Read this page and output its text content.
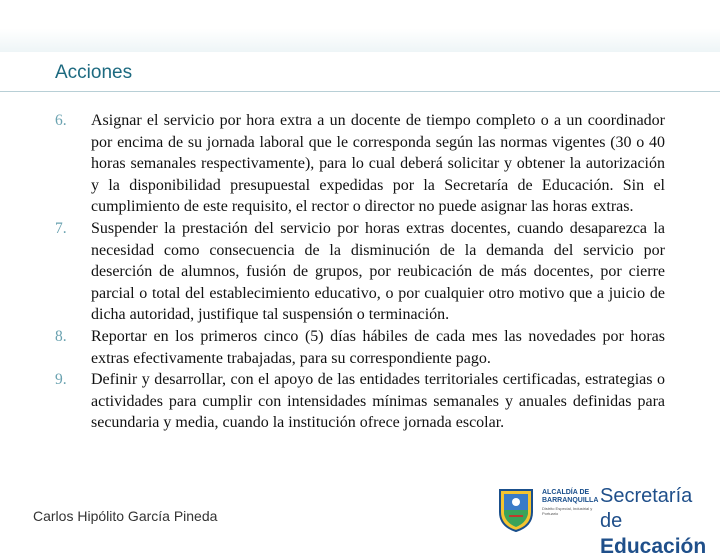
Acciones
6. Asignar el servicio por hora extra a un docente de tiempo completo o a un coordinador por encima de su jornada laboral que le corresponda según las normas vigentes (30 o 40 horas semanales respectivamente), para lo cual deberá solicitar y obtener la autorización y la disponibilidad presupuestal expedidas por la Secretaría de Educación. Sin el cumplimiento de este requisito, el rector o director no puede asignar las horas extras.
7. Suspender la prestación del servicio por horas extras docentes, cuando desaparezca la necesidad como consecuencia de la disminución de la demanda del servicio por deserción de alumnos, fusión de grupos, por reubicación de más docentes, por cierre parcial o total del establecimiento educativo, o por cualquier otro motivo que a juicio de dicha autoridad, justifique tal suspensión o terminación.
8. Reportar en los primeros cinco (5) días hábiles de cada mes las novedades por horas extras efectivamente trabajadas, para su correspondiente pago.
9. Definir y desarrollar, con el apoyo de las entidades territoriales certificadas, estrategias o actividades para cumplir con intensidades mínimas semanales y anuales definidas para secundaria y media, cuando la institución ofrece jornada escolar.
Carlos Hipólito García Pineda
ALCALDÍA DE
BARRANQUILLA
Distrito Especial, Industrial y Portuario
Secretaría de
Educación
